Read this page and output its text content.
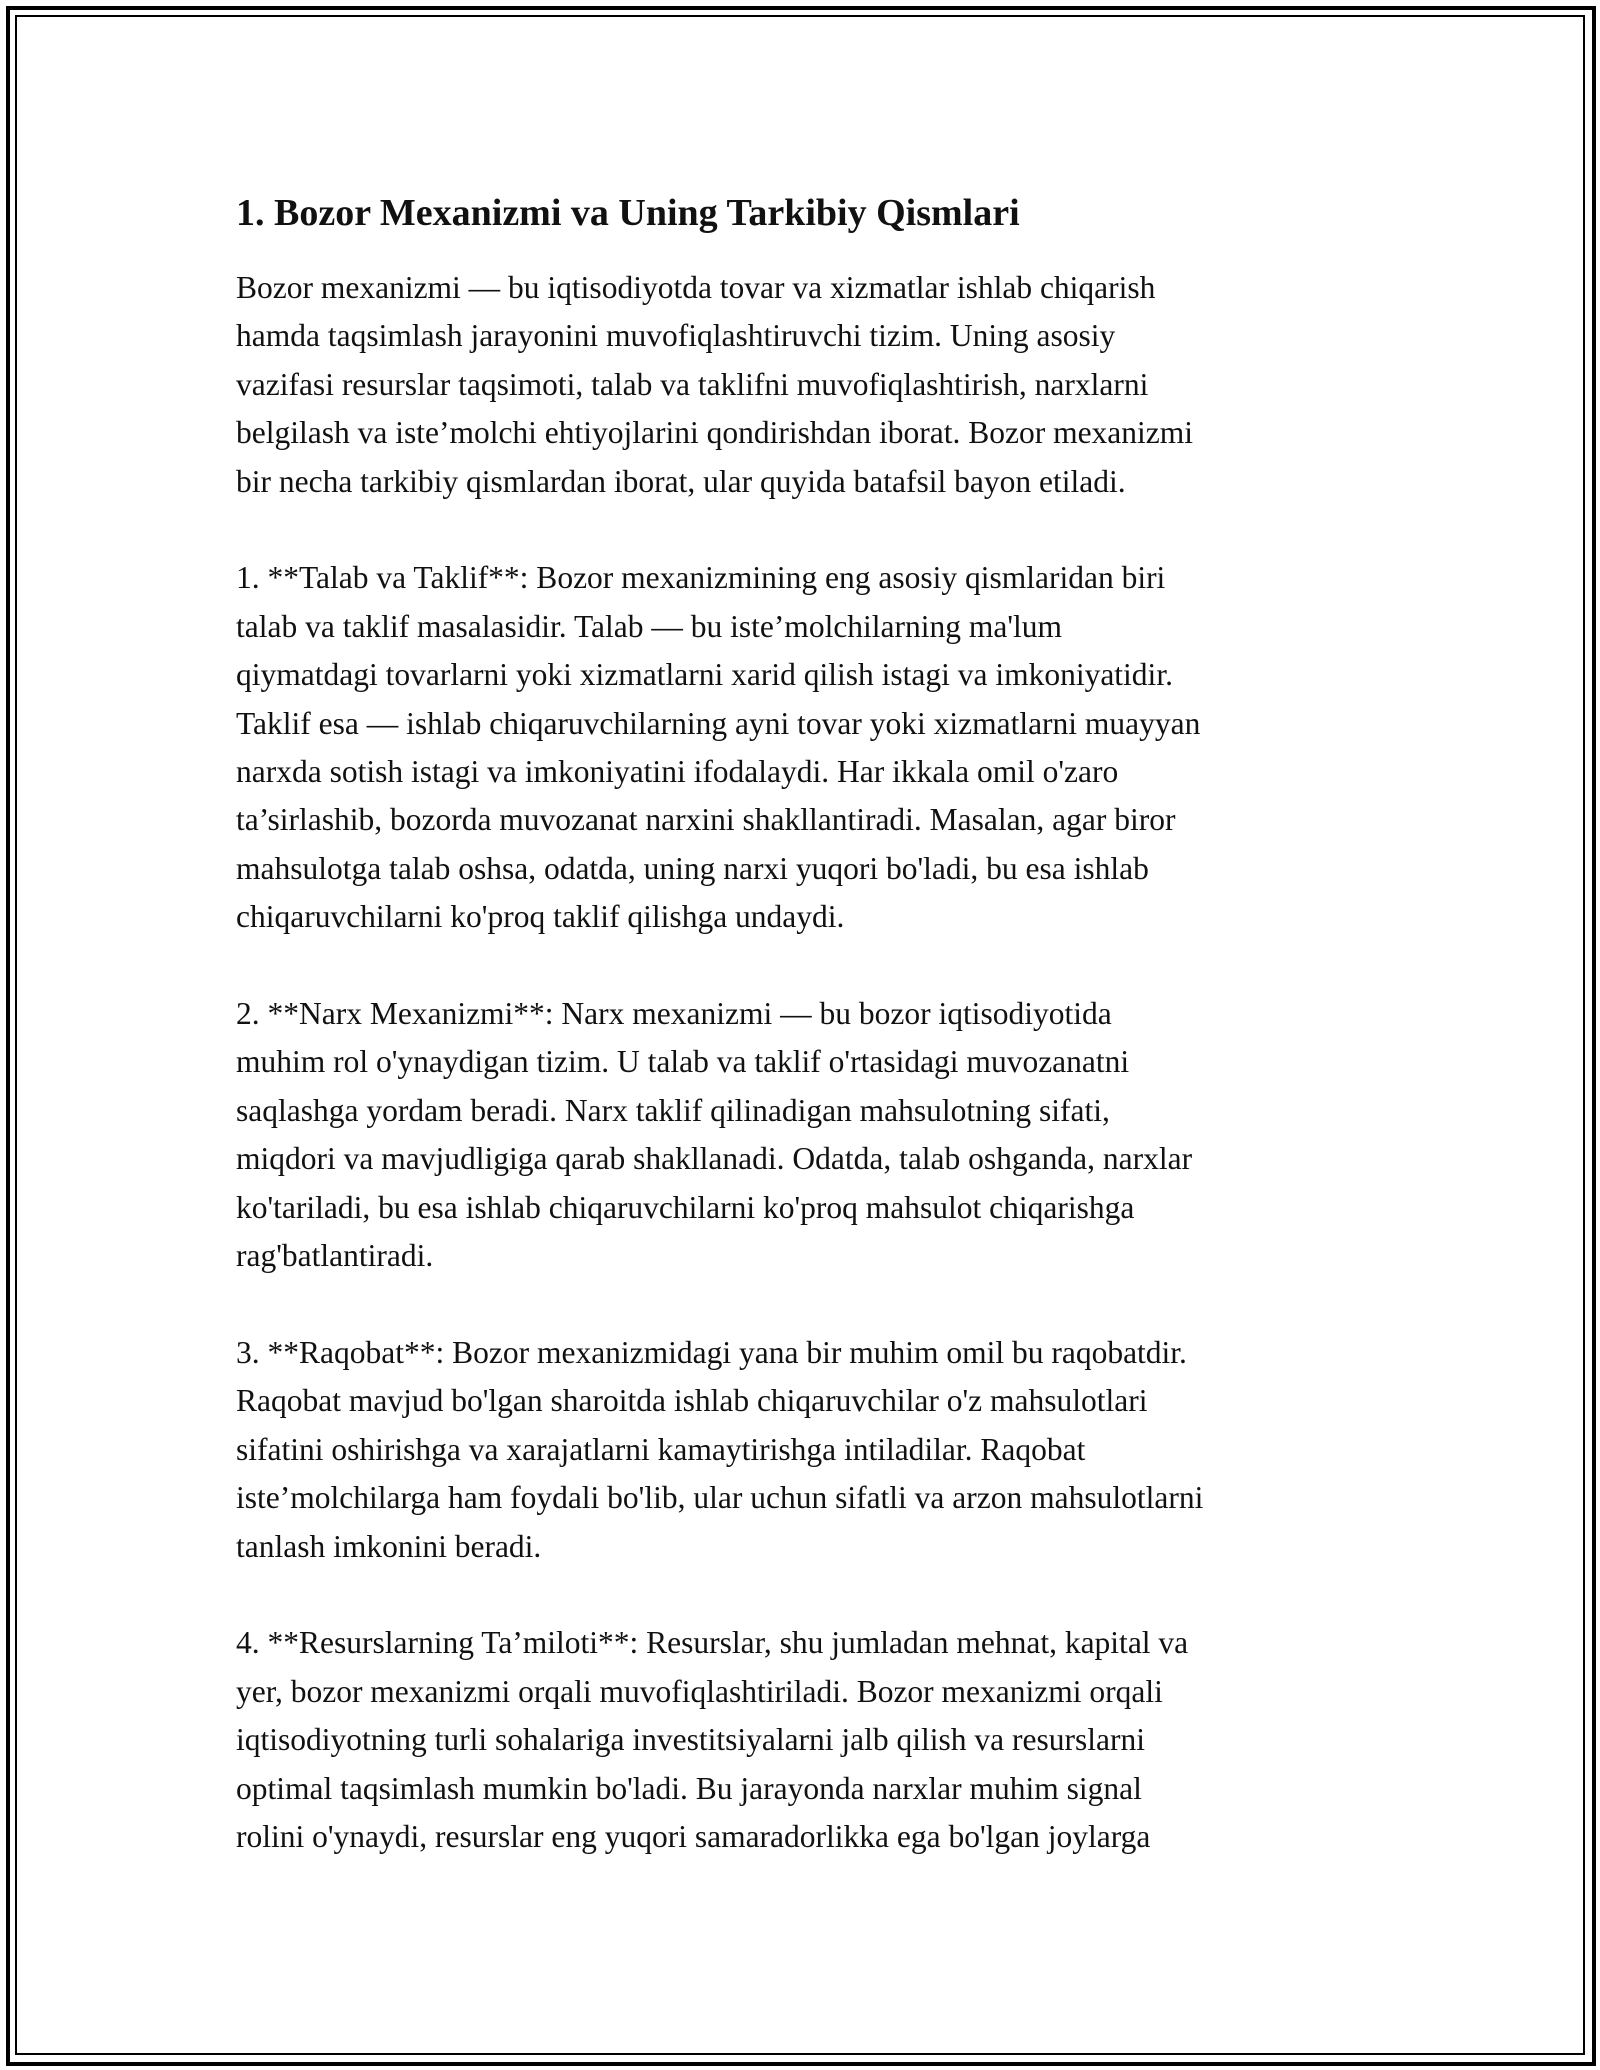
1. Bozor Mexanizmi va Uning Tarkibiy Qismlari

Bozor mexanizmi — bu iqtisodiyotda tovar va xizmatlar ishlab chiqarish
hamda taqsimlash jarayonini muvofiqlashtiruvchi tizim. Uning asosiy
vazifasi resurslar taqsimoti, talab va taklifni muvofiqlashtirish, narxlarni
belgilash va iste’molchi ehtiyojlarini qondirishdan iborat. Bozor mexanizmi
bir necha tarkibiy qismlardan iborat, ular quyida batafsil bayon etiladi.

1. **Talab va Taklif**: Bozor mexanizmining eng asosiy qismlaridan biri
talab va taklif masalasidir. Talab — bu iste’molchilarning ma'lum
qiymatdagi tovarlarni yoki xizmatlarni xarid qilish istagi va imkoniyatidir.
Taklif esa — ishlab chiqaruvchilarning ayni tovar yoki xizmatlarni muayyan
narxda sotish istagi va imkoniyatini ifodalaydi. Har ikkala omil o'zaro
ta’sirlashib, bozorda muvozanat narxini shakllantiradi. Masalan, agar biror
mahsulotga talab oshsa, odatda, uning narxi yuqori bo'ladi, bu esa ishlab
chiqaruvchilarni ko'proq taklif qilishga undaydi.

2. **Narx Mexanizmi**: Narx mexanizmi — bu bozor iqtisodiyotida
muhim rol o'ynaydigan tizim. U talab va taklif o'rtasidagi muvozanatni
saqlashga yordam beradi. Narx taklif qilinadigan mahsulotning sifati,
miqdori va mavjudligiga qarab shakllanadi. Odatda, talab oshganda, narxlar
ko'tariladi, bu esa ishlab chiqaruvchilarni ko'proq mahsulot chiqarishga
rag'batlantiradi.

3. **Raqobat**: Bozor mexanizmidagi yana bir muhim omil bu raqobatdir.
Raqobat mavjud bo'lgan sharoitda ishlab chiqaruvchilar o'z mahsulotlari
sifatini oshirishga va xarajatlarni kamaytirishga intiladilar. Raqobat
iste’molchilarga ham foydali bo'lib, ular uchun sifatli va arzon mahsulotlarni
tanlash imkonini beradi.

4. **Resurslarning Ta’miloti**: Resurslar, shu jumladan mehnat, kapital va
yer, bozor mexanizmi orqali muvofiqlashtiriladi. Bozor mexanizmi orqali
iqtisodiyotning turli sohalariga investitsiyalarni jalb qilish va resurslarni
optimal taqsimlash mumkin bo'ladi. Bu jarayonda narxlar muhim signal
rolini o'ynaydi, resurslar eng yuqori samaradorlikka ega bo'lgan joylarga
